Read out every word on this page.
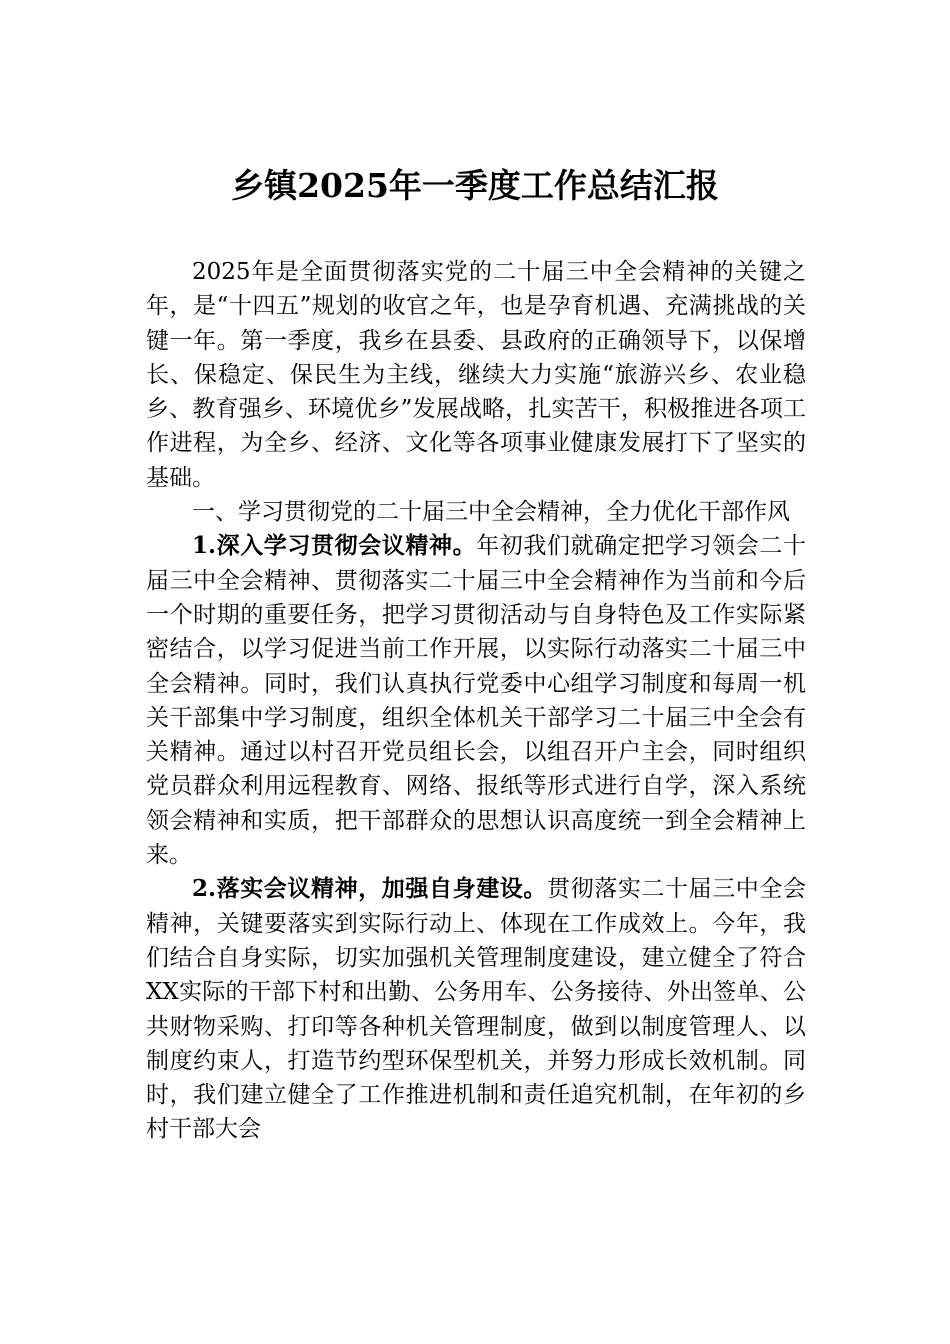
乡镇2025年一季度工作总结汇报

2025年是全面贯彻落实党的二十届三中全会精神的关键之年，是“十四五”规划的收官之年，也是孕育机遇、充满挑战的关键一年。第一季度，我乡在县委、县政府的正确领导下，以保增长、保稳定、保民生为主线，继续大力实施“旅游兴乡、农业稳乡、教育强乡、环境优乡”发展战略，扎实苦干，积极推进各项工作进程，为全乡、经济、文化等各项事业健康发展打下了坚实的基础。

一、学习贯彻党的二十届三中全会精神，全力优化干部作风

1.深入学习贯彻会议精神。年初我们就确定把学习领会二十届三中全会精神、贯彻落实二十届三中全会精神作为当前和今后一个时期的重要任务，把学习贯彻活动与自身特色及工作实际紧密结合，以学习促进当前工作开展，以实际行动落实二十届三中全会精神。同时，我们认真执行党委中心组学习制度和每周一机关干部集中学习制度，组织全体机关干部学习二十届三中全会有关精神。通过以村召开党员组长会，以组召开户主会，同时组织党员群众利用远程教育、网络、报纸等形式进行自学，深入系统领会精神和实质，把干部群众的思想认识高度统一到全会精神上来。

2.落实会议精神，加强自身建设。贯彻落实二十届三中全会精神，关键要落实到实际行动上、体现在工作成效上。今年，我们结合自身实际，切实加强机关管理制度建设，建立健全了符合XX实际的干部下村和出勤、公务用车、公务接待、外出签单、公共财物采购、打印等各种机关管理制度，做到以制度管理人、以制度约束人，打造节约型环保型机关，并努力形成长效机制。同时，我们建立健全了工作推进机制和责任追究机制，在年初的乡村干部大会
